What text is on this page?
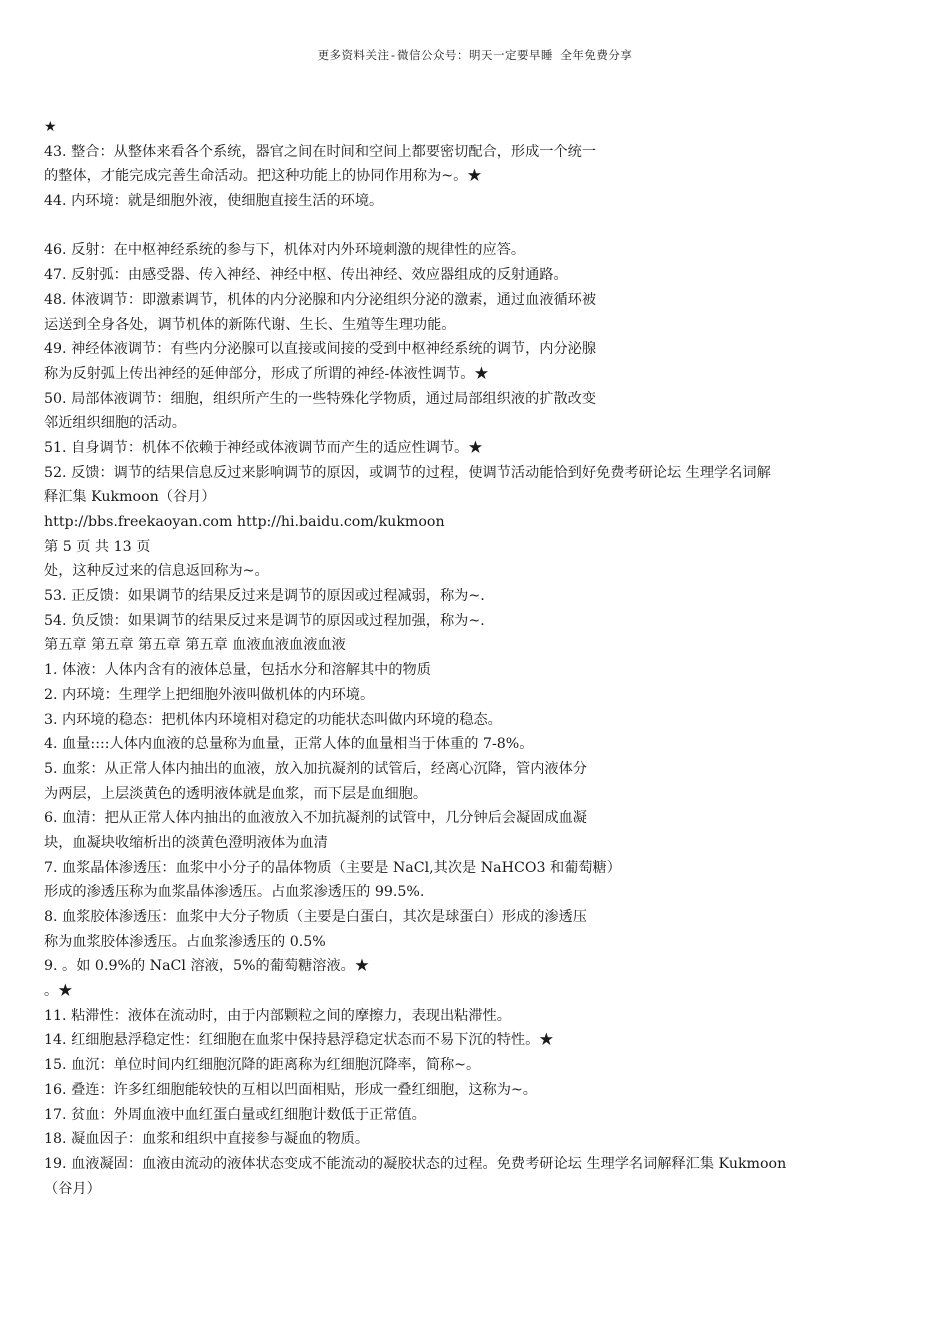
更多资料关注-微信公众号：明天一定要早睡 全年免费分享
★
43. 整合：从整体来看各个系统，器官之间在时间和空间上都要密切配合，形成一个统一
的整体，才能完成完善生命活动。把这种功能上的协同作用称为~。★
44. 内环境：就是细胞外液，使细胞直接生活的环境。
46. 反射：在中枢神经系统的参与下，机体对内外环境刺激的规律性的应答。
47. 反射弧：由感受器、传入神经、神经中枢、传出神经、效应器组成的反射通路。
48. 体液调节：即激素调节，机体的内分泌腺和内分泌组织分泌的激素，通过血液循环被
运送到全身各处，调节机体的新陈代谢、生长、生殖等生理功能。
49. 神经体液调节：有些内分泌腺可以直接或间接的受到中枢神经系统的调节，内分泌腺
称为反射弧上传出神经的延伸部分，形成了所谓的神经-体液性调节。★
50. 局部体液调节：细胞，组织所产生的一些特殊化学物质，通过局部组织液的扩散改变
邻近组织细胞的活动。
51. 自身调节：机体不依赖于神经或体液调节而产生的适应性调节。★
52. 反馈：调节的结果信息反过来影响调节的原因，或调节的过程，使调节活动能恰到好免费考研论坛 生理学名词解
释汇集 Kukmoon（谷月）
http://bbs.freekaoyan.com http://hi.baidu.com/kukmoon
第 5 页 共 13 页
处，这种反过来的信息返回称为~。
53. 正反馈：如果调节的结果反过来是调节的原因或过程减弱，称为~.
54. 负反馈：如果调节的结果反过来是调节的原因或过程加强，称为~.
第五章 第五章 第五章 第五章 血液血液血液血液
1. 体液：人体内含有的液体总量，包括水分和溶解其中的物质
2. 内环境：生理学上把细胞外液叫做机体的内环境。
3. 内环境的稳态：把机体内环境相对稳定的功能状态叫做内环境的稳态。
4. 血量::::人体内血液的总量称为血量，正常人体的血量相当于体重的 7-8%。
5. 血浆：从正常人体内抽出的血液，放入加抗凝剂的试管后，经离心沉降，管内液体分
为两层，上层淡黄色的透明液体就是血浆，而下层是血细胞。
6. 血清：把从正常人体内抽出的血液放入不加抗凝剂的试管中，几分钟后会凝固成血凝
块，血凝块收缩析出的淡黄色澄明液体为血清
7. 血浆晶体渗透压：血浆中小分子的晶体物质（主要是 NaCl,其次是 NaHCO3 和葡萄糖）
形成的渗透压称为血浆晶体渗透压。占血浆渗透压的 99.5%.
8. 血浆胶体渗透压：血浆中大分子物质（主要是白蛋白，其次是球蛋白）形成的渗透压
称为血浆胶体渗透压。占血浆渗透压的 0.5%
9. 。如 0.9%的 NaCl 溶液，5%的葡萄糖溶液。★
。★
11. 粘滞性：液体在流动时，由于内部颗粒之间的摩擦力，表现出粘滞性。
14. 红细胞悬浮稳定性：红细胞在血浆中保持悬浮稳定状态而不易下沉的特性。★
15. 血沉：单位时间内红细胞沉降的距离称为红细胞沉降率，简称~。
16. 叠连：许多红细胞能较快的互相以凹面相贴，形成一叠红细胞，这称为~。
17. 贫血：外周血液中血红蛋白量或红细胞计数低于正常值。
18. 凝血因子：血浆和组织中直接参与凝血的物质。
19. 血液凝固：血液由流动的液体状态变成不能流动的凝胶状态的过程。免费考研论坛 生理学名词解释汇集 Kukmoon
（谷月）
